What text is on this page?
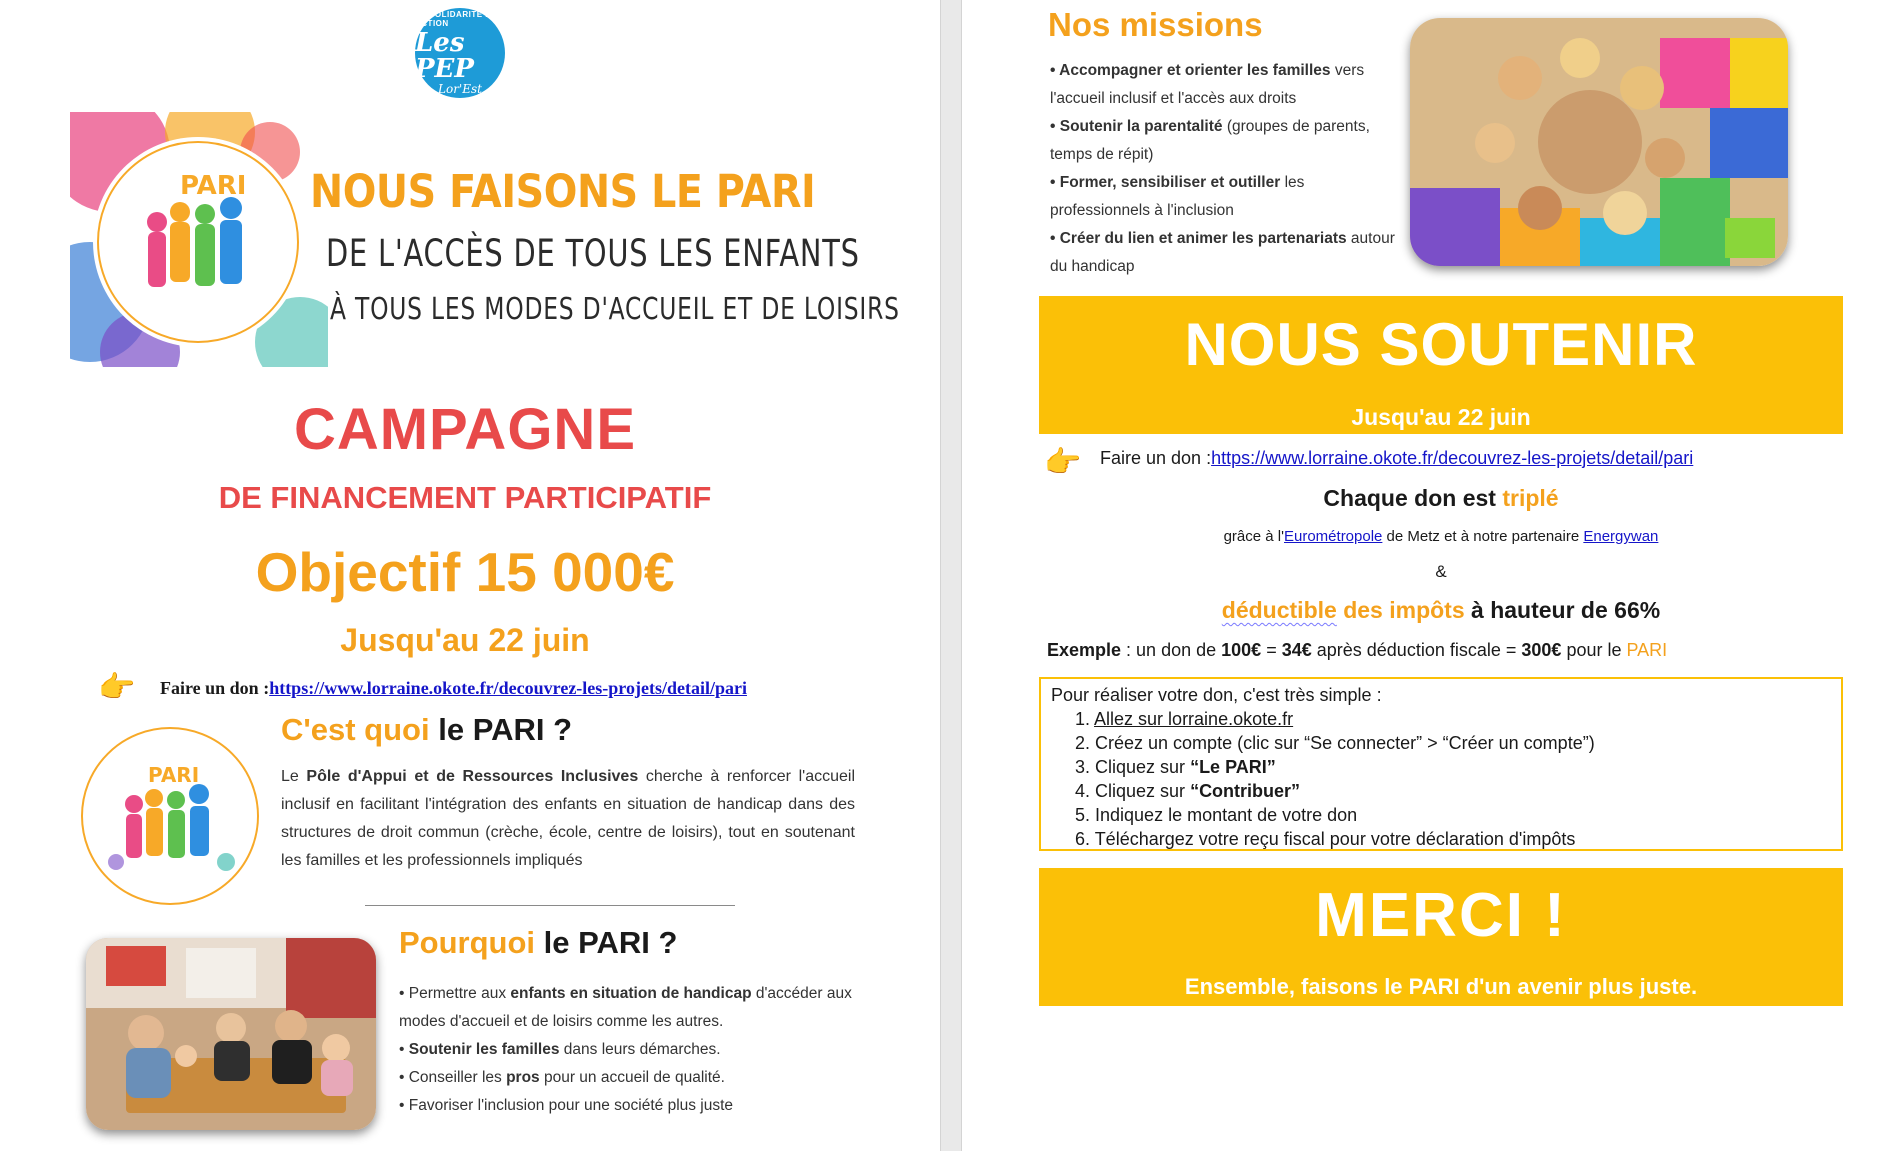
LA SOLIDARITÉ EN ACTION
Les PEP
Lor'Est
PARI NOUS FAISONS LE PARI
DE L'ACCÈS DE TOUS LES ENFANTS
À TOUS LES MODES D'ACCUEIL ET DE LOISIRS
CAMPAGNE
DE FINANCEMENT PARTICIPATIF
Objectif 15 000€
Jusqu'au 22 juin
👉 Faire un don :https://www.lorraine.okote.fr/decouvrez-les-projets/detail/pari
C'est quoi le PARI ?
PARI	Le Pôle d'Appui et de Ressources Inclusives cherche à renforcer l'accueil inclusif en facilitant l'intégration des enfants en situation de handicap dans des structures de droit commun (crèche, école, centre de loisirs), tout en soutenant les familles et les professionnels impliqués
Pourquoi le PARI ?
• Permettre aux enfants en situation de handicap d'accéder aux modes d'accueil et de loisirs comme les autres.
• Soutenir les familles dans leurs démarches.
• Conseiller les pros pour un accueil de qualité.
• Favoriser l'inclusion pour une société plus juste
Nos missions
• Accompagner et orienter les familles vers l'accueil inclusif et l'accès aux droits
• Soutenir la parentalité (groupes de parents, temps de répit)
• Former, sensibiliser et outiller les professionnels à l'inclusion
• Créer du lien et animer les partenariats autour du handicap
NOUS SOUTENIR
Jusqu'au 22 juin
👉 Faire un don :https://www.lorraine.okote.fr/decouvrez-les-projets/detail/pari
Chaque don est triplé
grâce à l'Eurométropole de Metz et à notre partenaire Energywan
&
déductible des impôts à hauteur de 66%
Exemple : un don de 100€ = 34€ après déduction fiscale = 300€ pour le PARI
Pour réaliser votre don, c'est très simple :
1. Allez sur lorraine.okote.fr
2. Créez un compte (clic sur “Se connecter” > “Créer un compte”)
3. Cliquez sur “Le PARI”
4. Cliquez sur “Contribuer”
5. Indiquez le montant de votre don
6. Téléchargez votre reçu fiscal pour votre déclaration d'impôts
MERCI !
Ensemble, faisons le PARI d'un avenir plus juste.
